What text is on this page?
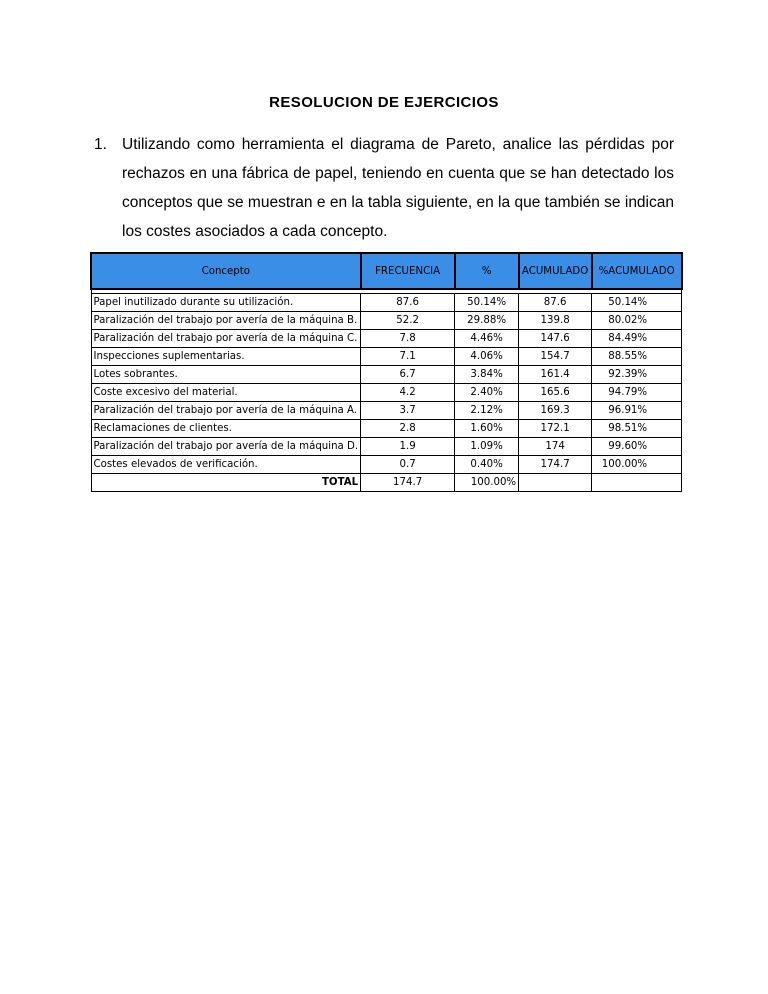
RESOLUCION DE EJERCICIOS
1. Utilizando como herramienta el diagrama de Pareto, analice las pérdidas por rechazos en una fábrica de papel, teniendo en cuenta que se han detectado los conceptos que se muestran e en la tabla siguiente, en la que también se indican los costes asociados a cada concepto.
Concepto	FRECUENCIA	%	ACUMULADO	%ACUMULADO

Papel inutilizado durante su utilización.	87.6	50.14%	87.6	50.14%
Paralización del trabajo por avería de la máquina B.	52.2	29.88%	139.8	80.02%
Paralización del trabajo por avería de la máquina C.	7.8	4.46%	147.6	84.49%
Inspecciones suplementarias.	7.1	4.06%	154.7	88.55%
Lotes sobrantes.	6.7	3.84%	161.4	92.39%
Coste excesivo del material.	4.2	2.40%	165.6	94.79%
Paralización del trabajo por avería de la máquina A.	3.7	2.12%	169.3	96.91%
Reclamaciones de clientes.	2.8	1.60%	172.1	98.51%
Paralización del trabajo por avería de la máquina D.	1.9	1.09%	174	99.60%
Costes elevados de verificación.	0.7	0.40%	174.7	100.00%
TOTAL	174.7	100.00%		
